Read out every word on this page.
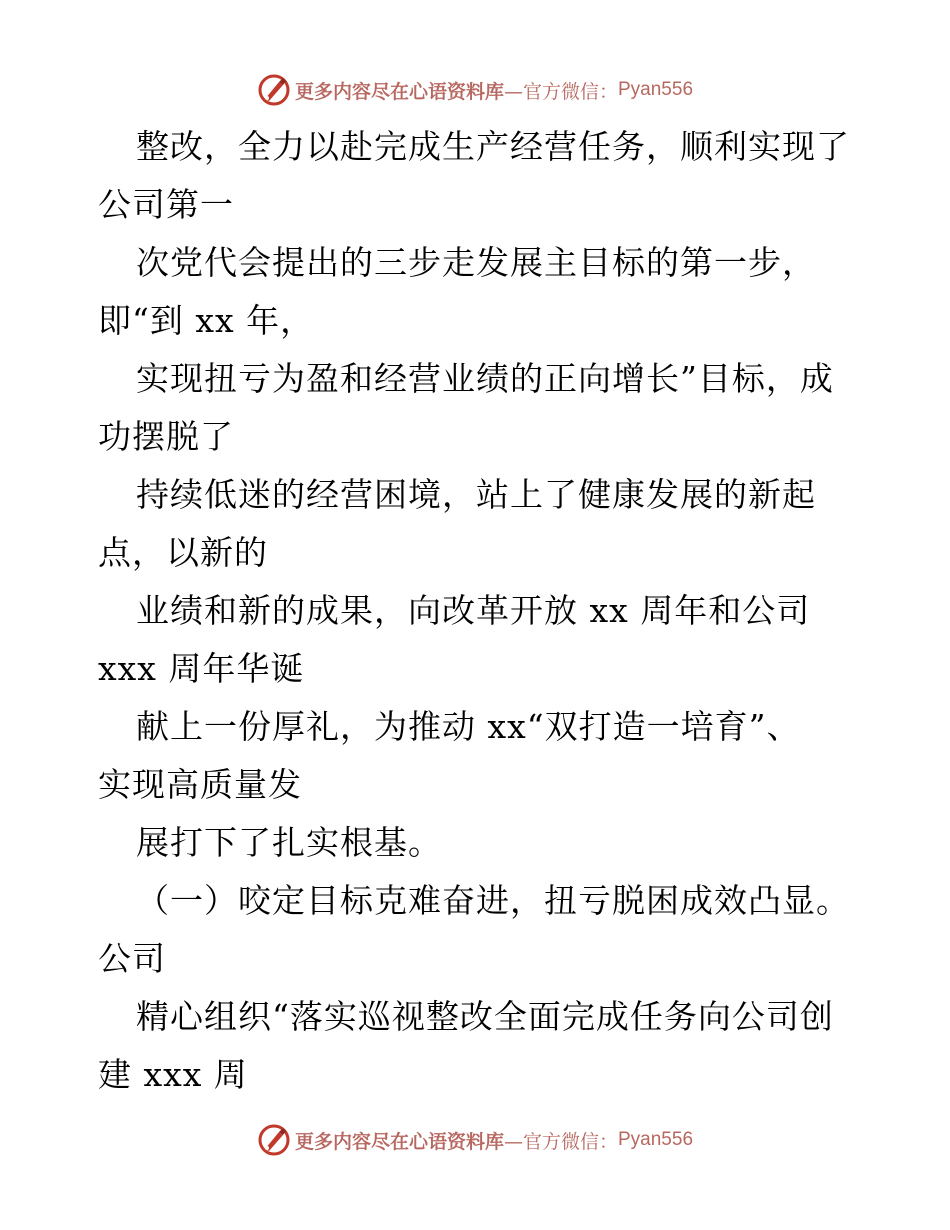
更多内容尽在心语资料库 —官方微信： Pyan556
整改，全力以赴完成生产经营任务，顺利实现了
公司第一
次党代会提出的三步走发展主目标的第一步，
即“到 xx 年，
实现扭亏为盈和经营业绩的正向增长”目标，成
功摆脱了
持续低迷的经营困境，站上了健康发展的新起
点，以新的
业绩和新的成果，向改革开放 xx 周年和公司
xxx 周年华诞
献上一份厚礼，为推动 xx“双打造一培育”、
实现高质量发
展打下了扎实根基。
（一）咬定目标克难奋进，扭亏脱困成效凸显。
公司
精心组织“落实巡视整改全面完成任务向公司创
建 xxx 周
更多内容尽在心语资料库 —官方微信： Pyan556
